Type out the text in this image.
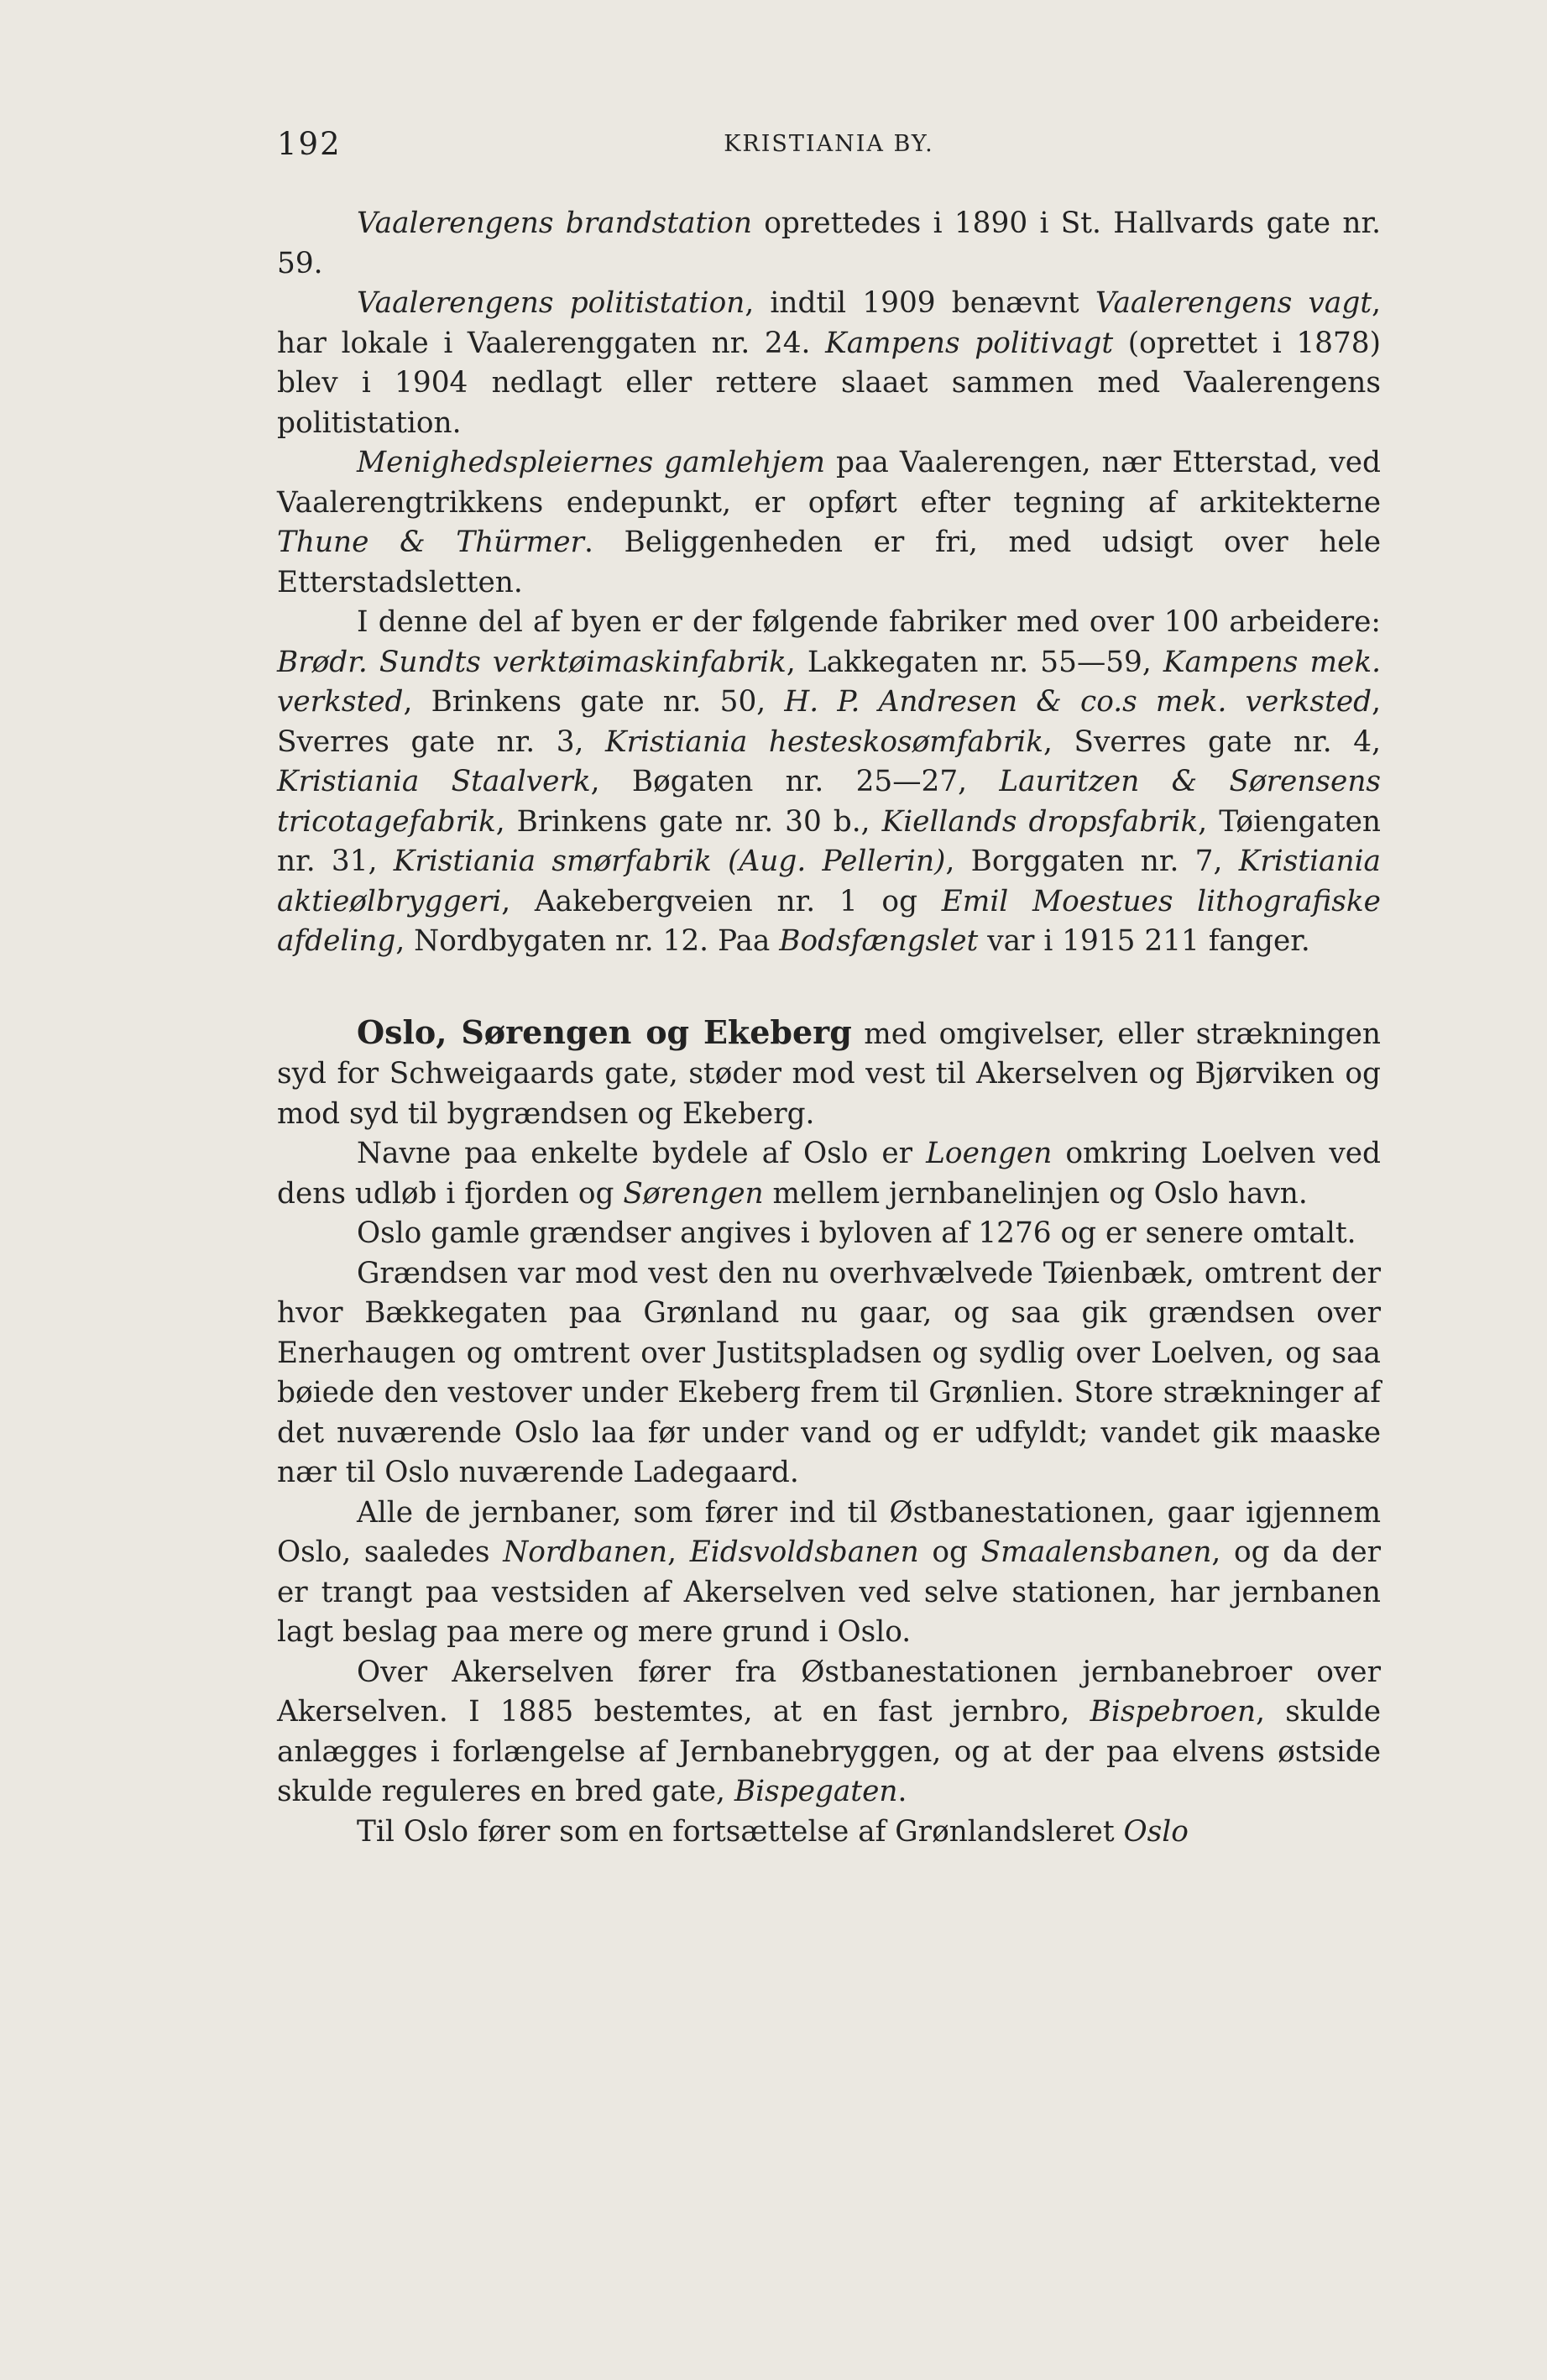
192	KRISTIANIA BY.

Vaalerengens brandstation oprettedes i 1890 i St. Hallvards gate nr. 59.

Vaalerengens politistation, indtil 1909 benævnt Vaalerengens vagt, har lokale i Vaalerenggaten nr. 24. Kampens politivagt (oprettet i 1878) blev i 1904 nedlagt eller rettere slaaet sammen med Vaalerengens politistation.

Menighedspleiernes gamlehjem paa Vaalerengen, nær Etterstad, ved Vaalerengtrikkens endepunkt, er opført efter tegning af arkitekterne Thune & Thürmer. Beliggenheden er fri, med udsigt over hele Etterstadsletten.

I denne del af byen er der følgende fabriker med over 100 arbeidere: Brødr. Sundts verktøimaskinfabrik, Lakkegaten nr. 55—59, Kampens mek. verksted, Brinkens gate nr. 50, H. P. Andresen & co.s mek. verksted, Sverres gate nr. 3, Kristiania hesteskosømfabrik, Sverres gate nr. 4, Kristiania Staalverk, Bøgaten nr. 25—27, Lauritzen & Sørensens tricotagefabrik, Brinkens gate nr. 30 b., Kiellands dropsfabrik, Tøiengaten nr. 31, Kristiania smørfabrik (Aug. Pellerin), Borggaten nr. 7, Kristiania aktieølbryggeri, Aakebergveien nr. 1 og Emil Moestues lithografiske afdeling, Nordbygaten nr. 12. Paa Bodsfængslet var i 1915 211 fanger.

Oslo, Sørengen og Ekeberg med omgivelser, eller strækningen syd for Schweigaards gate, støder mod vest til Akerselven og Bjørviken og mod syd til bygrændsen og Ekeberg.

Navne paa enkelte bydele af Oslo er Loengen omkring Loelven ved dens udløb i fjorden og Sørengen mellem jernbanelinjen og Oslo havn.

Oslo gamle grændser angives i byloven af 1276 og er senere omtalt.

Grændsen var mod vest den nu overhvælvede Tøienbæk, omtrent der hvor Bækkegaten paa Grønland nu gaar, og saa gik grændsen over Enerhaugen og omtrent over Justitspladsen og sydlig over Loelven, og saa bøiede den vestover under Ekeberg frem til Grønlien. Store strækninger af det nuværende Oslo laa før under vand og er udfyldt; vandet gik maaske nær til Oslo nuværende Ladegaard.

Alle de jernbaner, som fører ind til Østbanestationen, gaar igjennem Oslo, saaledes Nordbanen, Eidsvoldsbanen og Smaalensbanen, og da der er trangt paa vestsiden af Akerselven ved selve stationen, har jernbanen lagt beslag paa mere og mere grund i Oslo.

Over Akerselven fører fra Østbanestationen jernbanebroer over Akerselven. I 1885 bestemtes, at en fast jernbro, Bispebroen, skulde anlægges i forlængelse af Jernbanebryggen, og at der paa elvens østside skulde reguleres en bred gate, Bispegaten.

Til Oslo fører som en fortsættelse af Grønlandsleret Oslo
